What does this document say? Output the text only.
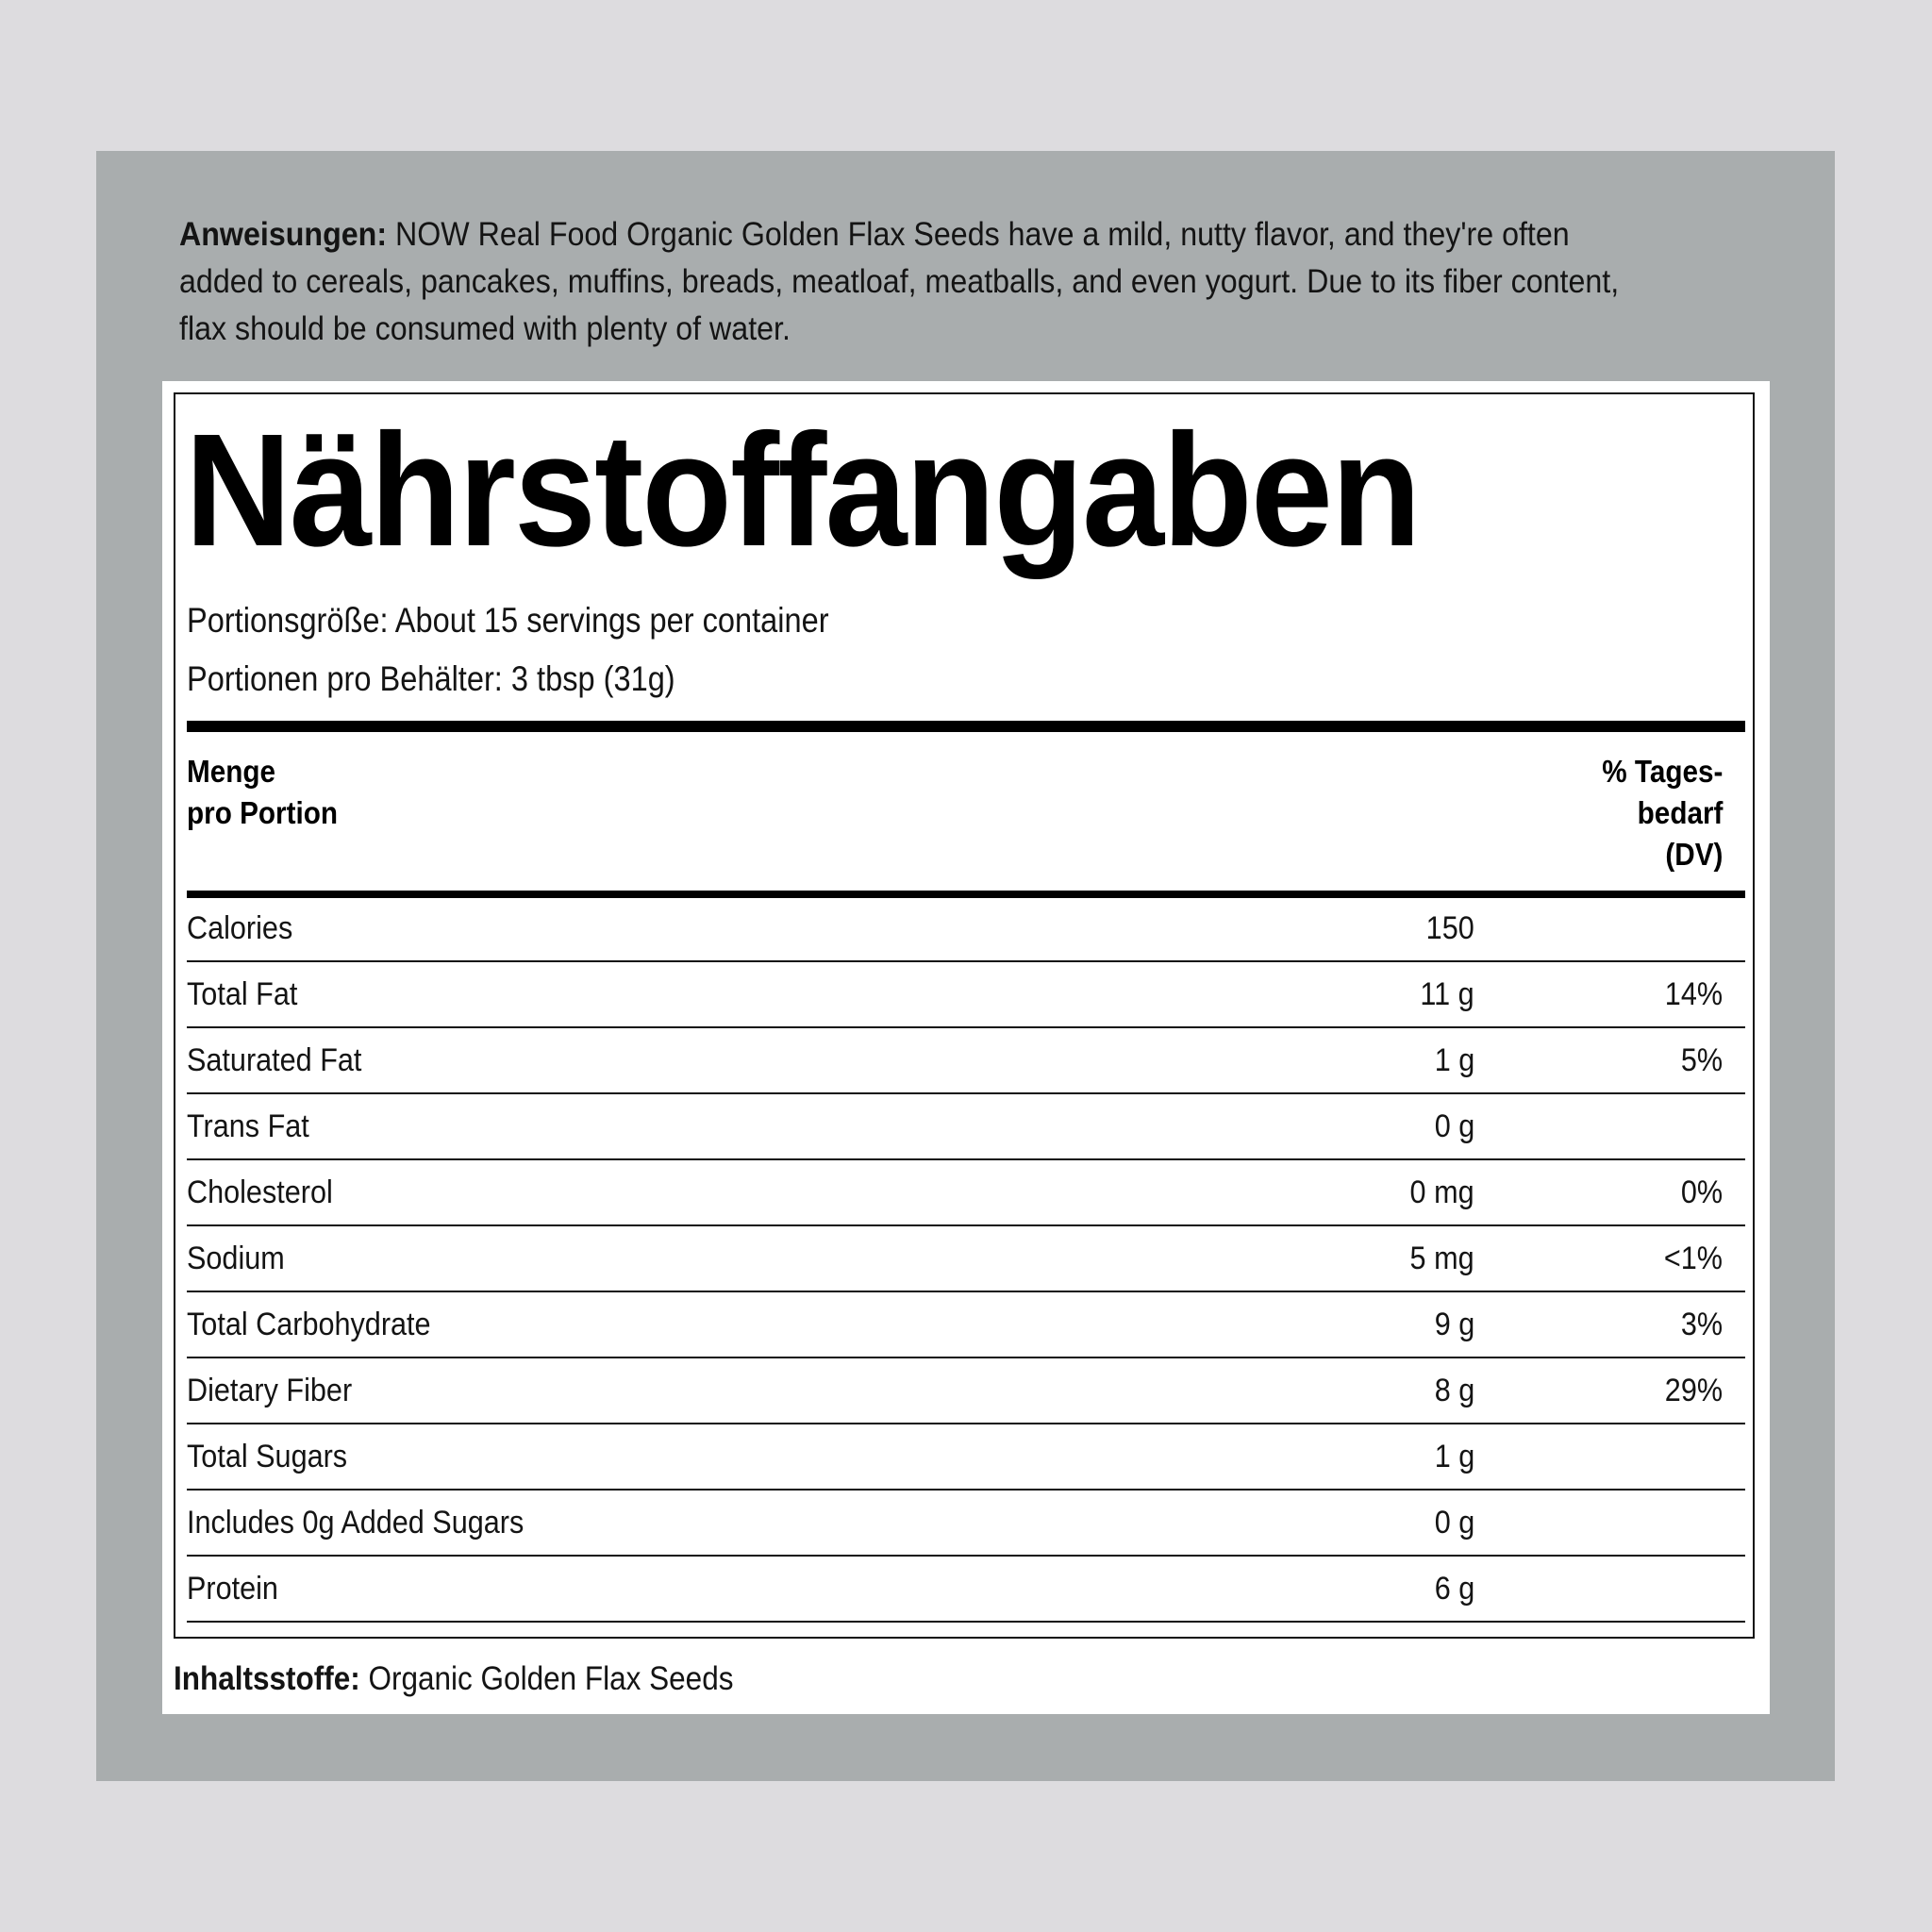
Anweisungen: NOW Real Food Organic Golden Flax Seeds have a mild, nutty flavor, and they're often
added to cereals, pancakes, muffins, breads, meatloaf, meatballs, and even yogurt. Due to its fiber content,
flax should be consumed with plenty of water.
Nährstoffangaben
Portionsgröße: About 15 servings per container
Portionen pro Behälter: 3 tbsp (31g)
Menge
pro Portion
% Tages-
bedarf
(DV)
Calories	150
Total Fat	11 g	14%
Saturated Fat	1 g	5%
Trans Fat	0 g
Cholesterol	0 mg	0%
Sodium	5 mg	<1%
Total Carbohydrate	9 g	3%
Dietary Fiber	8 g	29%
Total Sugars	1 g
Includes 0g Added Sugars	0 g
Protein	6 g
Inhaltsstoffe: Organic Golden Flax Seeds
